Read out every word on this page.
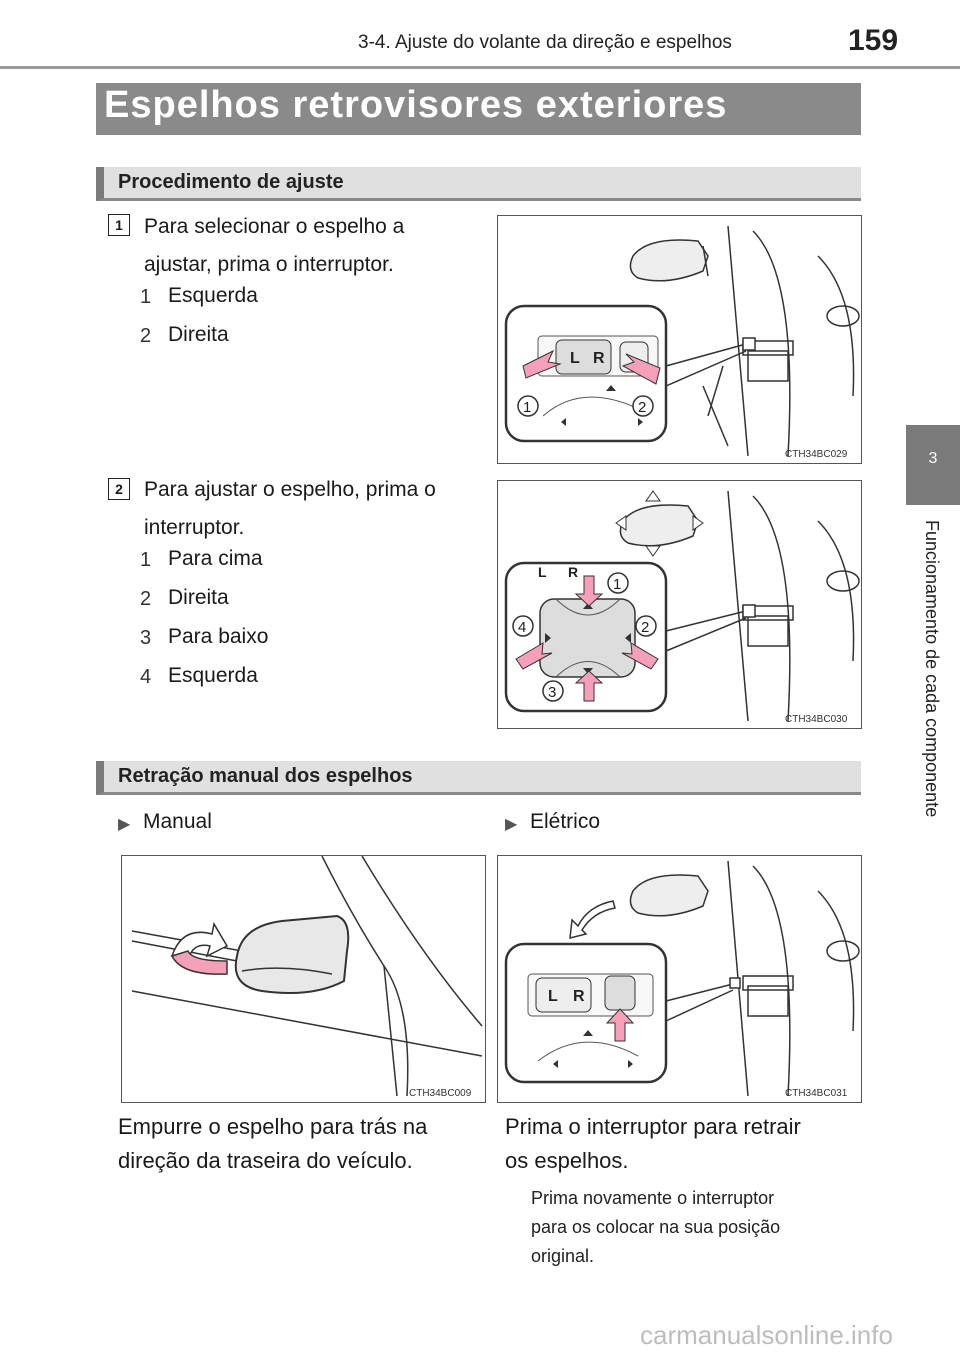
3-4. Ajuste do volante da direção e espelhos	159
3
Funcionamento de cada componente
Espelhos retrovisores exteriores
Procedimento de ajuste
1	Para selecionar o espelho a
ajustar, prima o interruptor.
1 Esquerda
2 Direita
L R
1	2
CTH34BC029
2	Para ajustar o espelho, prima o
interruptor.
1 Para cima
2 Direita
3 Para baixo
4 Esquerda
L R
1
2
3
4
CTH34BC030
Retração manual dos espelhos
▶ Manual	▶ Elétrico
CTH34BC009
L R
CTH34BC031
Empurre o espelho para trás na
direção da traseira do veículo.
Prima o interruptor para retrair
os espelhos.
Prima novamente o interruptor
para os colocar na sua posição
original.
carmanualsonline.info
